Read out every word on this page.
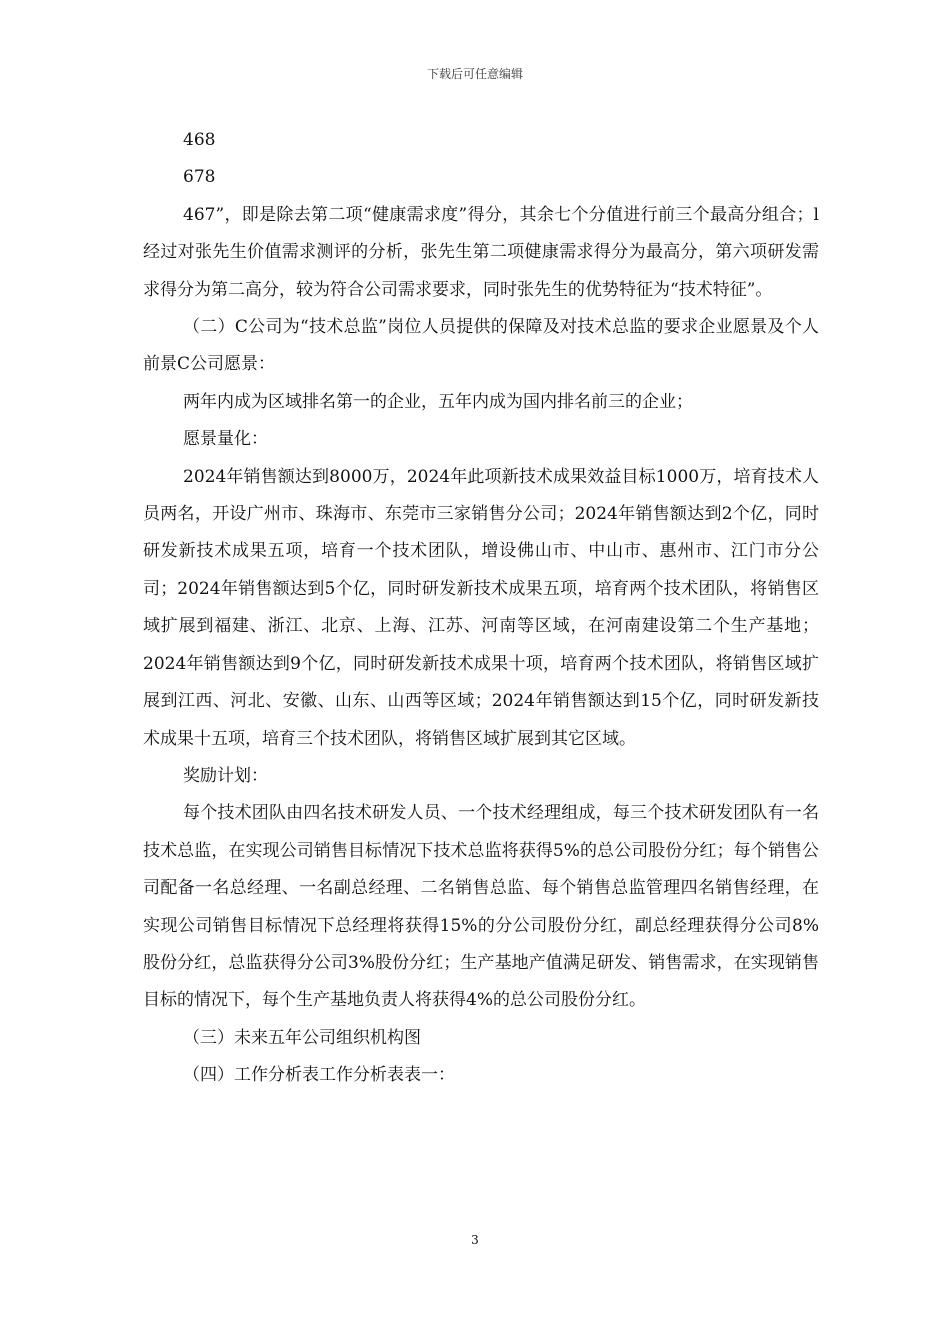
下载后可任意编辑

468

678

467”，即是除去第二项“健康需求度”得分，其余七个分值进行前三个最高分组合；l经过对张先生价值需求测评的分析，张先生第二项健康需求得分为最高分，第六项研发需求得分为第二高分，较为符合公司需求要求，同时张先生的优势特征为“技术特征”。

（二）C公司为“技术总监”岗位人员提供的保障及对技术总监的要求企业愿景及个人前景C公司愿景：

两年内成为区域排名第一的企业，五年内成为国内排名前三的企业；

愿景量化：

2024年销售额达到8000万，2024年此项新技术成果效益目标1000万，培育技术人员两名，开设广州市、珠海市、东莞市三家销售分公司；2024年销售额达到2个亿，同时研发新技术成果五项，培育一个技术团队，增设佛山市、中山市、惠州市、江门市分公司；2024年销售额达到5个亿，同时研发新技术成果五项，培育两个技术团队，将销售区域扩展到福建、浙江、北京、上海、江苏、河南等区域，在河南建设第二个生产基地；2024年销售额达到9个亿，同时研发新技术成果十项，培育两个技术团队，将销售区域扩展到江西、河北、安徽、山东、山西等区域；2024年销售额达到15个亿，同时研发新技术成果十五项，培育三个技术团队，将销售区域扩展到其它区域。

奖励计划：

每个技术团队由四名技术研发人员、一个技术经理组成，每三个技术研发团队有一名技术总监，在实现公司销售目标情况下技术总监将获得5%的总公司股份分红；每个销售公司配备一名总经理、一名副总经理、二名销售总监、每个销售总监管理四名销售经理，在实现公司销售目标情况下总经理将获得15%的分公司股份分红，副总经理获得分公司8%股份分红，总监获得分公司3%股份分红；生产基地产值满足研发、销售需求，在实现销售目标的情况下，每个生产基地负责人将获得4%的总公司股份分红。

（三）未来五年公司组织机构图

（四）工作分析表工作分析表表一：

3
